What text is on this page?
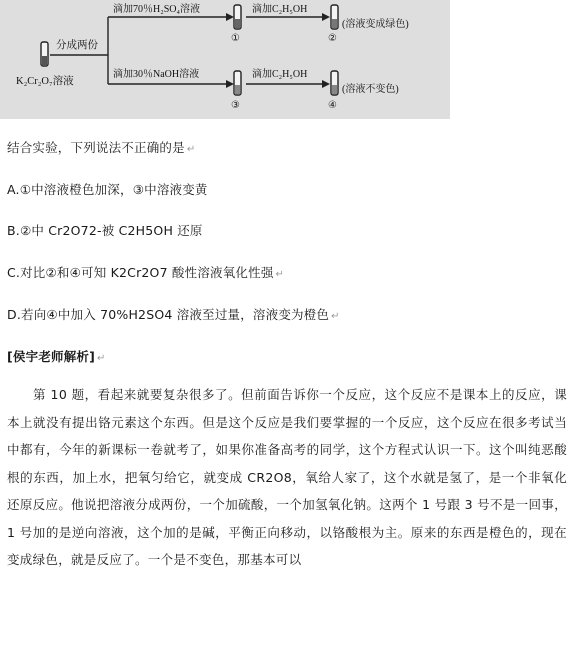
K₂Cr₂O₇溶液
分成两份
滴加70％H₂SO₄溶液
①
滴加C₂H₅OH
②
(溶液变成绿色)
滴加30％NaOH溶液
③
滴加C₂H₅OH
④
(溶液不变色)
结合实验，下列说法不正确的是 ↵
A.①中溶液橙色加深，③中溶液变黄
B.②中 Cr2O72-被 C2H5OH 还原
C.对比②和④可知 K2Cr2O7 酸性溶液氧化性强 ↵
D.若向④中加入 70%H2SO4 溶液至过量，溶液变为橙色 ↵
[侯宇老师解析] ↵
第 10 题，看起来就要复杂很多了。但前面告诉你一个反应，这个反应不是课本上的反应，课本上就没有提出铬元素这个东西。但是这个反应是我们要掌握的一个反应，这个反应在很多考试当中都有，今年的新课标一卷就考了，如果你准备高考的同学，这个方程式认识一下。这个叫纯恶酸根的东西，加上水，把氧匀给它，就变成 CR2O8，氧给人家了，这个水就是氢了，是一个非氧化还原反应。他说把溶液分成两份，一个加硫酸，一个加氢氧化钠。这两个 1 号跟 3 号不是一回事，1 号加的是逆向溶液，这个加的是碱，平衡正向移动，以铬酸根为主。原来的东西是橙色的，现在变成绿色，就是反应了。一个是不变色，那基本可以
